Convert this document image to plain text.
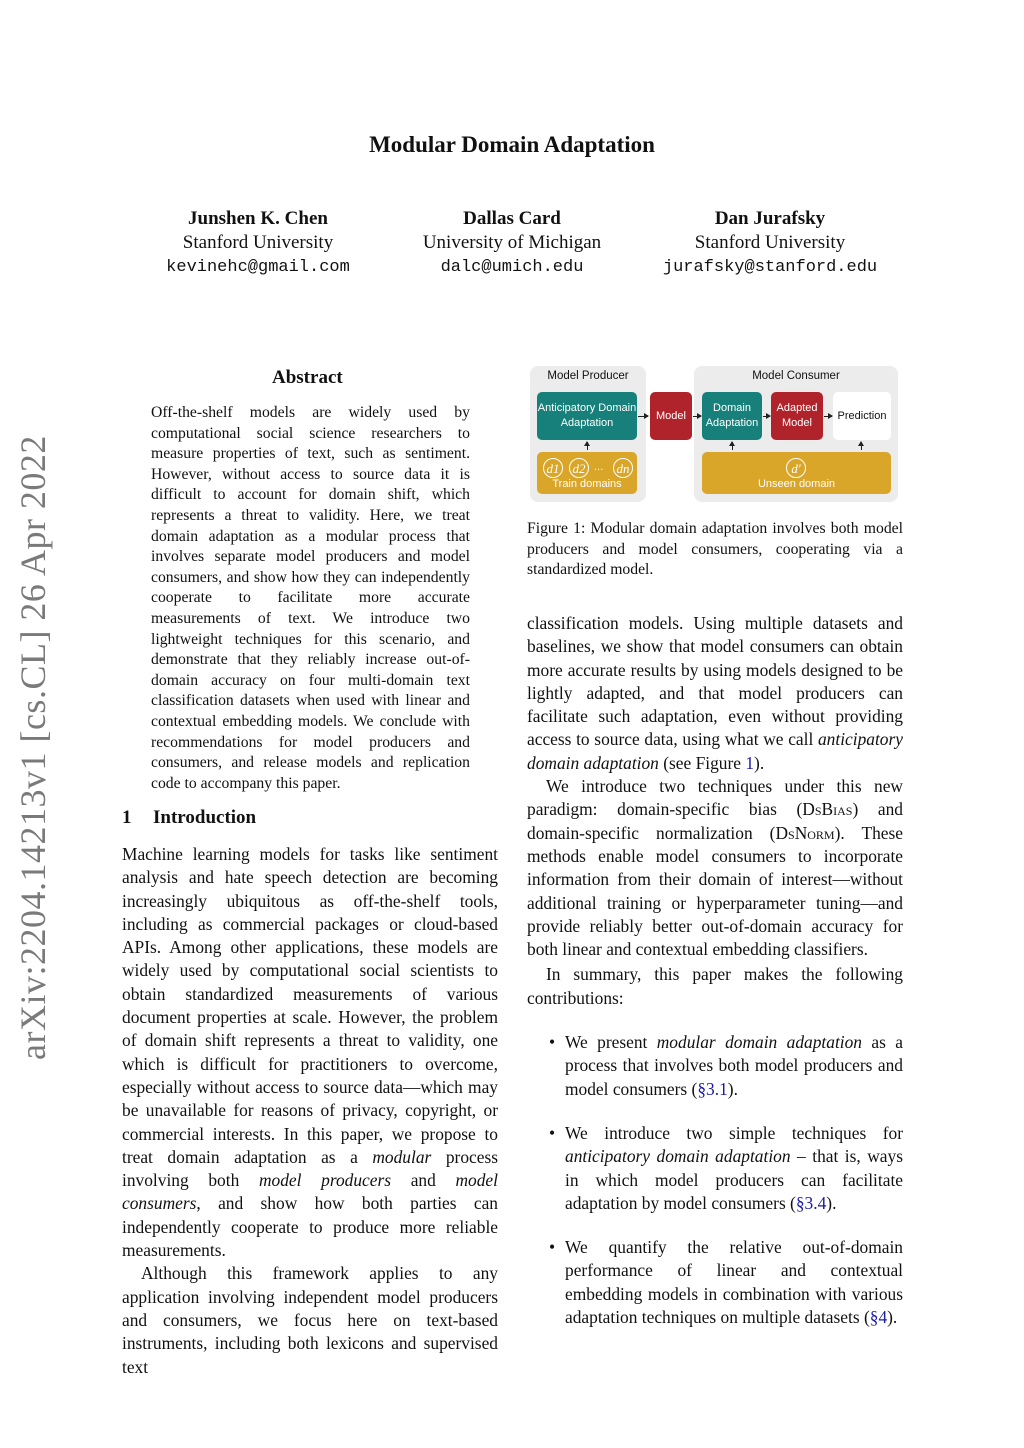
Modular Domain Adaptation
Junshen K. Chen
Stanford University
kevinehc@gmail.com
Dallas Card
University of Michigan
dalc@umich.edu
Dan Jurafsky
Stanford University
jurafsky@stanford.edu
arXiv:2204.14213v1 [cs.CL] 26 Apr 2022
Abstract
Off-the-shelf models are widely used by computational social science researchers to measure properties of text, such as sentiment. However, without access to source data it is difficult to account for domain shift, which represents a threat to validity. Here, we treat domain adaptation as a modular process that involves separate model producers and model consumers, and show how they can independently cooperate to facilitate more accurate measurements of text. We introduce two lightweight techniques for this scenario, and demonstrate that they reliably increase out-of-domain accuracy on four multi-domain text classification datasets when used with linear and contextual embedding models. We conclude with recommendations for model producers and consumers, and release models and replication code to accompany this paper.
1 Introduction

Machine learning models for tasks like sentiment analysis and hate speech detection are becoming increasingly ubiquitous as off-the-shelf tools, including as commercial packages or cloud-based APIs. Among other applications, these models are widely used by computational social scientists to obtain standardized measurements of various document properties at scale. However, the problem of domain shift represents a threat to validity, one which is difficult for practitioners to overcome, especially without access to source data—which may be unavailable for reasons of privacy, copyright, or commercial interests. In this paper, we propose to treat domain adaptation as a modular process involving both model producers and model consumers, and show how both parties can independently cooperate to produce more reliable measurements.

Although this framework applies to any application involving independent model producers and consumers, we focus here on text-based instruments, including both lexicons and supervised text

Model Producer	Model Consumer
Anticipatory Domain Adaptation
Model
Domain Adaptation
Adapted Model
Prediction
Train domains
d1 d2 ... dn
Unseen domain
d′
Figure 1: Modular domain adaptation involves both model producers and model consumers, cooperating via a standardized model.

classification models. Using multiple datasets and baselines, we show that model consumers can obtain more accurate results by using models designed to be lightly adapted, and that model producers can facilitate such adaptation, even without providing access to source data, using what we call anticipatory domain adaptation (see Figure 1).

We introduce two techniques under this new paradigm: domain-specific bias (DsBias) and domain-specific normalization (DsNorm). These methods enable model consumers to incorporate information from their domain of interest—without additional training or hyperparameter tuning—and provide reliably better out-of-domain accuracy for both linear and contextual embedding classifiers.

In summary, this paper makes the following contributions:

• We present modular domain adaptation as a process that involves both model producers and model consumers (§3.1).
• We introduce two simple techniques for anticipatory domain adaptation – that is, ways in which model producers can facilitate adaptation by model consumers (§3.4).
• We quantify the relative out-of-domain performance of linear and contextual embedding models in combination with various adaptation techniques on multiple datasets (§4).
